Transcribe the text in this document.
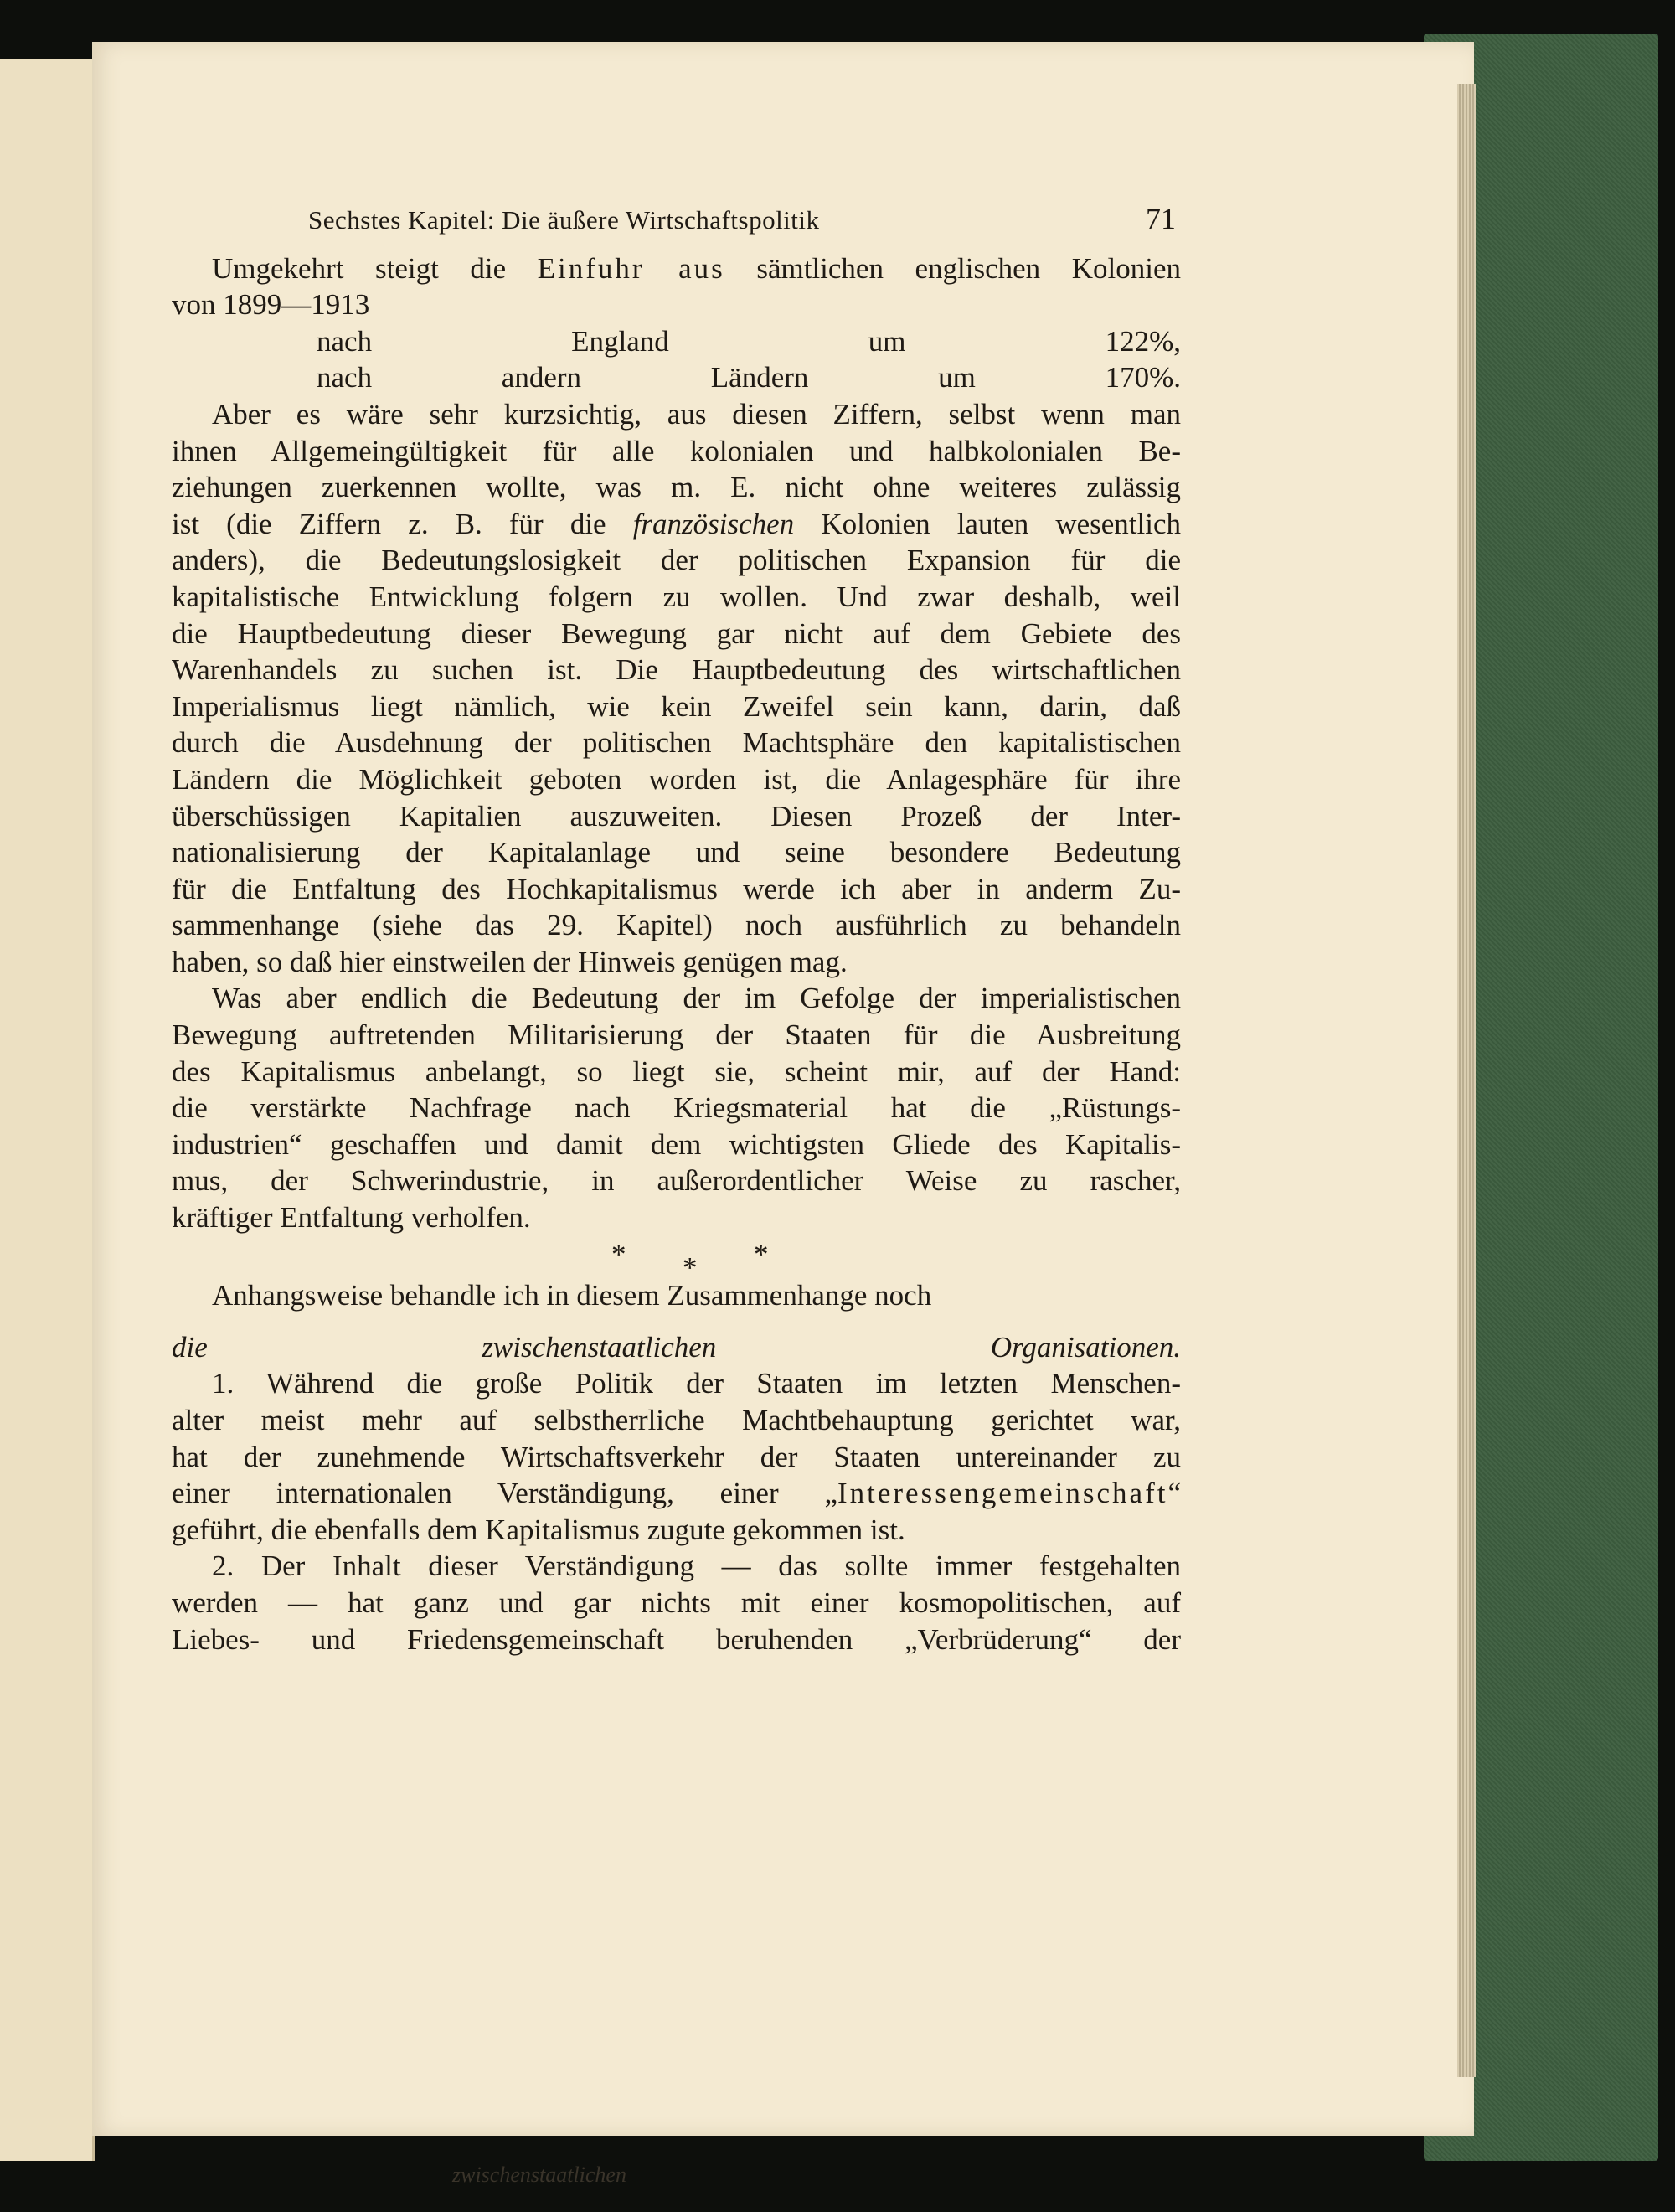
Sechstes Kapitel: Die äußere Wirtschaftspolitik	71

Umgekehrt steigt die Einfuhr aus sämtlichen englischen Kolonien

von 1899—1913

nach England um 122%,

nach andern Ländern um 170%.

Aber es wäre sehr kurzsichtig, aus diesen Ziffern, selbst wenn man

ihnen Allgemeingültigkeit für alle kolonialen und halbkolonialen Be-

ziehungen zuerkennen wollte, was m. E. nicht ohne weiteres zulässig

ist (die Ziffern z. B. für die französischen Kolonien lauten wesentlich

anders), die Bedeutungslosigkeit der politischen Expansion für die

kapitalistische Entwicklung folgern zu wollen. Und zwar deshalb, weil

die Hauptbedeutung dieser Bewegung gar nicht auf dem Gebiete des

Warenhandels zu suchen ist. Die Hauptbedeutung des wirtschaftlichen

Imperialismus liegt nämlich, wie kein Zweifel sein kann, darin, daß

durch die Ausdehnung der politischen Machtsphäre den kapitalistischen

Ländern die Möglichkeit geboten worden ist, die Anlagesphäre für ihre

überschüssigen Kapitalien auszuweiten. Diesen Prozeß der Inter-

nationalisierung der Kapitalanlage und seine besondere Bedeutung

für die Entfaltung des Hochkapitalismus werde ich aber in anderm Zu-

sammenhange (siehe das 29. Kapitel) noch ausführlich zu behandeln

haben, so daß hier einstweilen der Hinweis genügen mag.

Was aber endlich die Bedeutung der im Gefolge der imperialistischen

Bewegung auftretenden Militarisierung der Staaten für die Ausbreitung

des Kapitalismus anbelangt, so liegt sie, scheint mir, auf der Hand:

die verstärkte Nachfrage nach Kriegsmaterial hat die „Rüstungs-

industrien“ geschaffen und damit dem wichtigsten Gliede des Kapitalis-

mus, der Schwerindustrie, in außerordentlicher Weise zu rascher,

kräftiger Entfaltung verholfen.

* * *

Anhangsweise behandle ich in diesem Zusammenhange noch

die zwischenstaatlichen Organisationen.

1. Während die große Politik der Staaten im letzten Menschen-

alter meist mehr auf selbstherrliche Machtbehauptung gerichtet war,

hat der zunehmende Wirtschaftsverkehr der Staaten untereinander zu

einer internationalen Verständigung, einer „Interessengemeinschaft“

geführt, die ebenfalls dem Kapitalismus zugute gekommen ist.

2. Der Inhalt dieser Verständigung — das sollte immer festgehalten

werden — hat ganz und gar nichts mit einer kosmopolitischen, auf

Liebes- und Friedensgemeinschaft beruhenden „Verbrüderung“ der

zwischenstaatlichen
